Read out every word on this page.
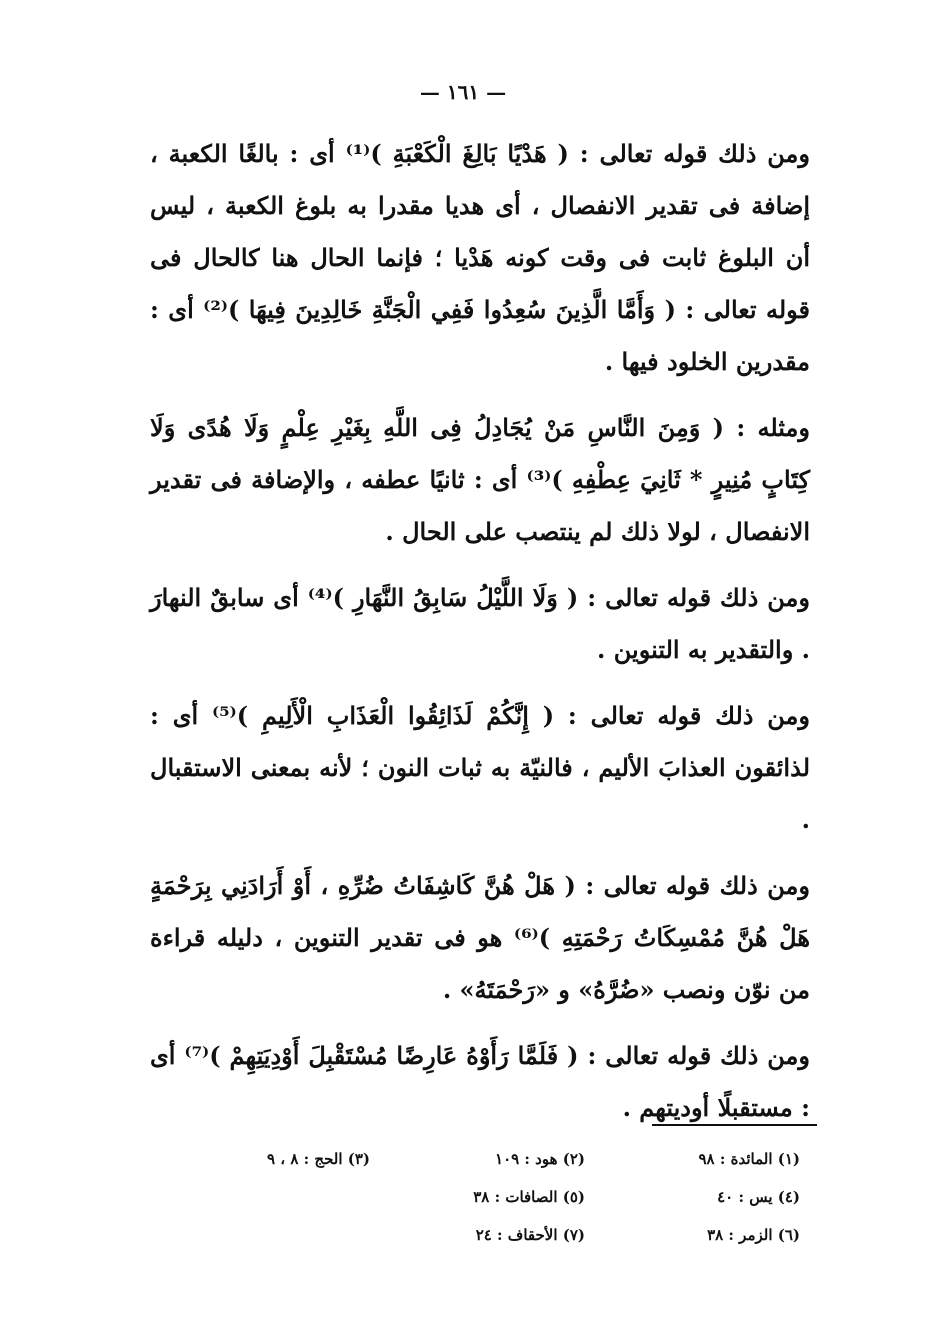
— ١٦١ —

ومن ذلك قوله تعالى : ( هَدْيًا بَالِغَ الْكَعْبَةِ )⁽¹⁾ أى : بالغًا الكعبة ، إضافة فى تقدير الانفصال ، أى هديا مقدرا به بلوغ الكعبة ، ليس أن البلوغ ثابت فى وقت كونه هَدْيا ؛ فإنما الحال هنا كالحال فى قوله تعالى : ( وَأَمَّا الَّذِينَ سُعِدُوا فَفِي الْجَنَّةِ خَالِدِينَ فِيهَا )⁽²⁾ أى : مقدرين الخلود فيها .

ومثله : ( وَمِنَ النَّاسِ مَنْ يُجَادِلُ فِى اللَّهِ بِغَيْرِ عِلْمٍ وَلَا هُدًى وَلَا كِتَابٍ مُنِيرٍ * ثَانِيَ عِطْفِهِ )⁽³⁾ أى : ثانيًا عطفه ، والإضافة فى تقدير الانفصال ، لولا ذلك لم ينتصب على الحال .

ومن ذلك قوله تعالى : ( وَلَا اللَّيْلُ سَابِقُ النَّهَارِ )⁽⁴⁾ أى سابقٌ النهارَ . والتقدير به التنوين .

ومن ذلك قوله تعالى : ( إِنَّكُمْ لَذَائِقُوا الْعَذَابِ الْأَلِيمِ )⁽⁵⁾ أى : لذائقون العذابَ الأليم ، فالنيّة به ثبات النون ؛ لأنه بمعنى الاستقبال .

ومن ذلك قوله تعالى : ( هَلْ هُنَّ كَاشِفَاتُ ضُرِّهِ ، أَوْ أَرَادَنِي بِرَحْمَةٍ هَلْ هُنَّ مُمْسِكَاتُ رَحْمَتِهِ )⁽⁶⁾ هو فى تقدير التنوين ، دليله قراءة من نوّن ونصب «ضُرَّهُ» و «رَحْمَتَهُ» .

ومن ذلك قوله تعالى : ( فَلَمَّا رَأَوْهُ عَارِضًا مُسْتَقْبِلَ أَوْدِيَتِهِمْ )⁽⁷⁾ أى : مستقبلًا أوديتهم .

(١) المائدة : ٩٨
(٢) هود : ١٠٩
(٣) الحج : ٨ ، ٩
(٤) يس : ٤٠
(٥) الصافات : ٣٨
(٦) الزمر : ٣٨
(٧) الأحقاف : ٢٤
